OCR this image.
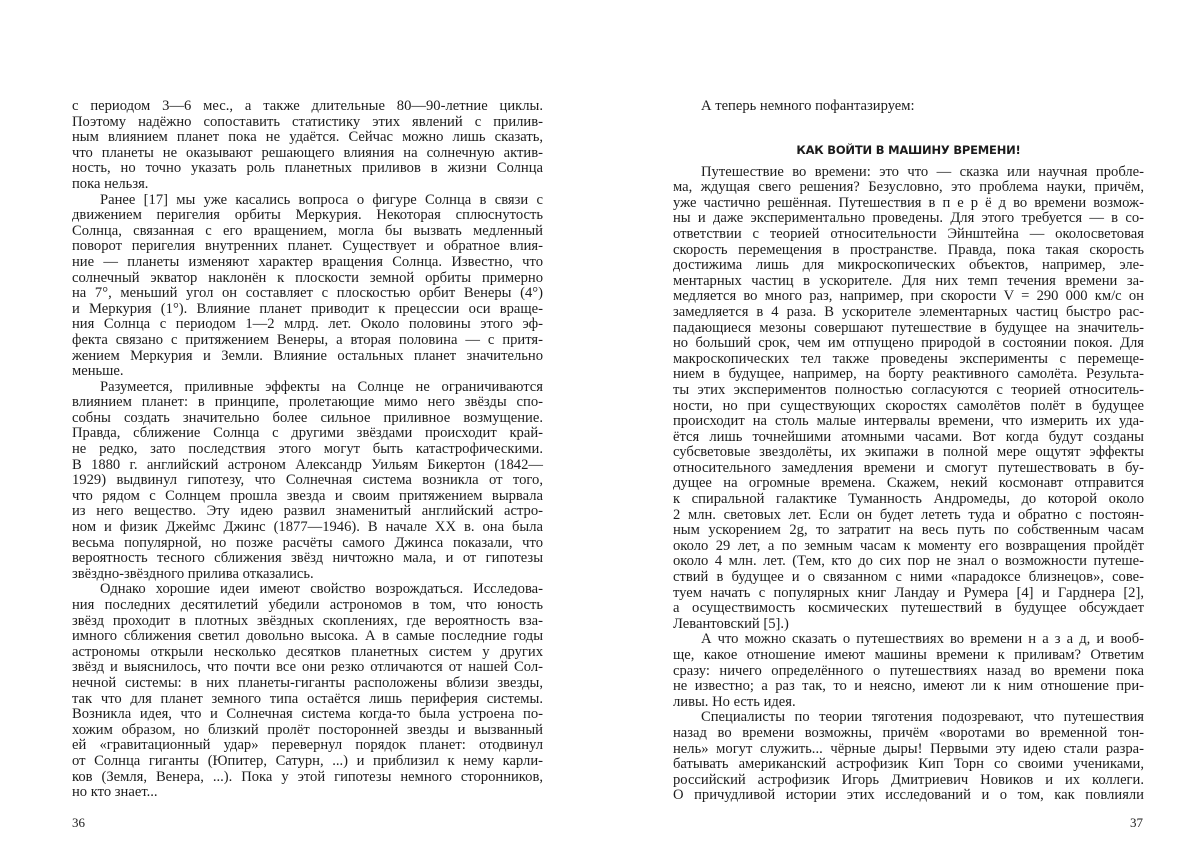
с периодом 3—6 мес., а также длительные 80—90-летние циклы.
Поэтому надёжно сопоставить статистику этих явлений с прилив-
ным влиянием планет пока не удаётся. Сейчас можно лишь сказать,
что планеты не оказывают решающего влияния на солнечную актив-
ность, но точно указать роль планетных приливов в жизни Солнца
пока нельзя.
Ранее [17] мы уже касались вопроса о фигуре Солнца в связи с
движением перигелия орбиты Меркурия. Некоторая сплюснутость
Солнца, связанная с его вращением, могла бы вызвать медленный
поворот перигелия внутренних планет. Существует и обратное влия-
ние — планеты изменяют характер вращения Солнца. Известно, что
солнечный экватор наклонён к плоскости земной орбиты примерно
на 7°, меньший угол он составляет с плоскостью орбит Венеры (4°)
и Меркурия (1°). Влияние планет приводит к прецессии оси враще-
ния Солнца с периодом 1—2 млрд. лет. Около половины этого эф-
фекта связано с притяжением Венеры, а вторая половина — с притя-
жением Меркурия и Земли. Влияние остальных планет значительно
меньше.
Разумеется, приливные эффекты на Солнце не ограничиваются
влиянием планет: в принципе, пролетающие мимо него звёзды спо-
собны создать значительно более сильное приливное возмущение.
Правда, сближение Солнца с другими звёздами происходит край-
не редко, зато последствия этого могут быть катастрофическими.
В 1880 г. английский астроном Александр Уильям Бикертон (1842—
1929) выдвинул гипотезу, что Солнечная система возникла от того,
что рядом с Солнцем прошла звезда и своим притяжением вырвала
из него вещество. Эту идею развил знаменитый английский астро-
ном и физик Джеймс Джинс (1877—1946). В начале XX в. она была
весьма популярной, но позже расчёты самого Джинса показали, что
вероятность тесного сближения звёзд ничтожно мала, и от гипотезы
звёздно-звёздного прилива отказались.
Однако хорошие идеи имеют свойство возрождаться. Исследова-
ния последних десятилетий убедили астрономов в том, что юность
звёзд проходит в плотных звёздных скоплениях, где вероятность вза-
имного сближения светил довольно высока. А в самые последние годы
астрономы открыли несколько десятков планетных систем у других
звёзд и выяснилось, что почти все они резко отличаются от нашей Сол-
нечной системы: в них планеты-гиганты расположены вблизи звезды,
так что для планет земного типа остаётся лишь периферия системы.
Возникла идея, что и Солнечная система когда-то была устроена по-
хожим образом, но близкий пролёт посторонней звезды и вызванный
ей «гравитационный удар» перевернул порядок планет: отодвинул
от Солнца гиганты (Юпитер, Сатурн, ...) и приблизил к нему карли-
ков (Земля, Венера, ...). Пока у этой гипотезы немного сторонников,
но кто знает...
36
А теперь немного пофантазируем:
КАК ВОЙТИ В МАШИНУ ВРЕМЕНИ!
Путешествие во времени: это что — сказка или научная пробле-
ма, ждущая свего решения? Безусловно, это проблема науки, причём,
уже частично решённая. Путешествия в п е р ё д во времени возмож-
ны и даже экспериментально проведены. Для этого требуется — в со-
ответствии с теорией относительности Эйнштейна — околосветовая
скорость перемещения в пространстве. Правда, пока такая скорость
достижима лишь для микроскопических объектов, например, эле-
ментарных частиц в ускорителе. Для них темп течения времени за-
медляется во много раз, например, при скорости V = 290 000 км/с он
замедляется в 4 раза. В ускорителе элементарных частиц быстро рас-
падающиеся мезоны совершают путешествие в будущее на значитель-
но больший срок, чем им отпущено природой в состоянии покоя. Для
макроскопических тел также проведены эксперименты с перемеще-
нием в будущее, например, на борту реактивного самолёта. Результа-
ты этих экспериментов полностью согласуются с теорией относитель-
ности, но при существующих скоростях самолётов полёт в будущее
происходит на столь малые интервалы времени, что измерить их уда-
ётся лишь точнейшими атомными часами. Вот когда будут созданы
субсветовые звездолёты, их экипажи в полной мере ощутят эффекты
относительного замедления времени и смогут путешествовать в бу-
дущее на огромные времена. Скажем, некий космонавт отправится
к спиральной галактике Туманность Андромеды, до которой около
2 млн. световых лет. Если он будет лететь туда и обратно с постоян-
ным ускорением 2g, то затратит на весь путь по собственным часам
около 29 лет, а по земным часам к моменту его возвращения пройдёт
около 4 млн. лет. (Тем, кто до сих пор не знал о возможности путеше-
ствий в будущее и о связанном с ними «парадоксе близнецов», сове-
туем начать с популярных книг Ландау и Румера [4] и Гарднера [2],
а осуществимость космических путешествий в будущее обсуждает
Левантовский [5].)
А что можно сказать о путешествиях во времени н а з а д, и вооб-
ще, какое отношение имеют машины времени к приливам? Ответим
сразу: ничего определённого о путешествиях назад во времени пока
не известно; а раз так, то и неясно, имеют ли к ним отношение при-
ливы. Но есть идея.
Специалисты по теории тяготения подозревают, что путешествия
назад во времени возможны, причём «воротами во временной тон-
нель» могут служить... чёрные дыры! Первыми эту идею стали разра-
батывать американский астрофизик Кип Торн со своими учениками,
российский астрофизик Игорь Дмитриевич Новиков и их коллеги.
О причудливой истории этих исследований и о том, как повлияли
37
